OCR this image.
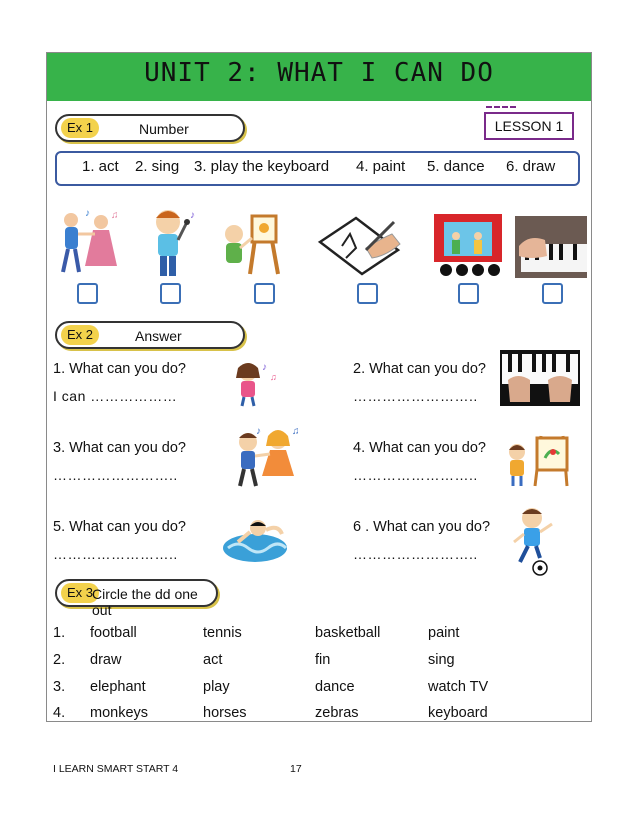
UNIT 2: WHAT I CAN DO
Ex 1	Number	LESSON 1
1. act 2. sing 3. play the keyboard 4. paint 5. dance 6. draw
♪ ♫	♪
Ex 2	Answer
1. What can you do?
I can ………………
2. What can you do?
……………………..
3. What can you do?
……………………..
4. What can you do?
……………………..
5. What can you do?
……………………..
6 . What can you do?
……………………..
♪
♫
♪	♫
Ex 3
Circle the dd one out
1. football	tennis	basketball	paint
2. draw	act	fin	sing
3. elephant	play	dance	watch TV
4. monkeys	horses	zebras	keyboard
I LEARN SMART START 4	17
